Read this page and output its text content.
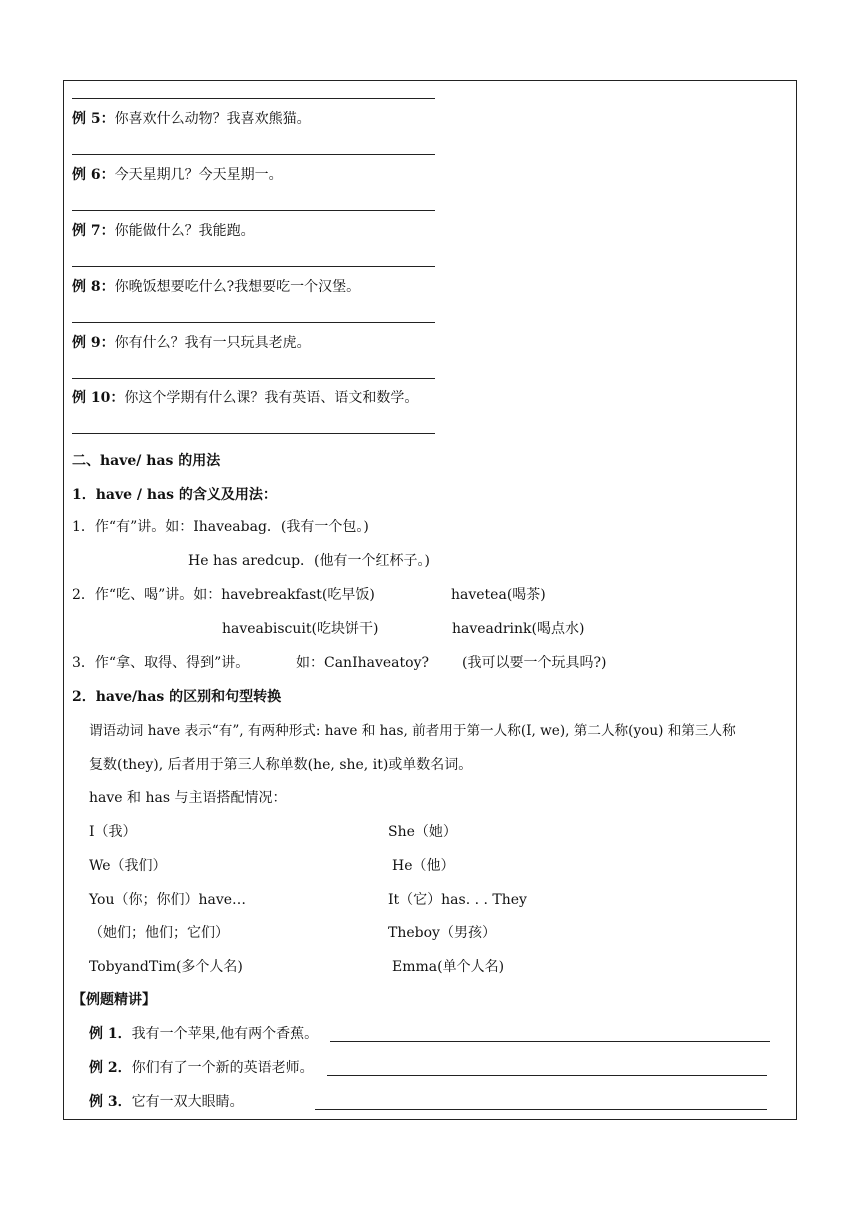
例 5：你喜欢什么动物？我喜欢熊猫。
例 6：今天星期几？今天星期一。
例 7：你能做什么？我能跑。
例 8：你晚饭想要吃什么?我想要吃一个汉堡。
例 9：你有什么？我有一只玩具老虎。
例 10：你这个学期有什么课？我有英语、语文和数学。
二、have/ has 的用法
1．have / has 的含义及用法：
1．作“有”讲。如：Ihaveabag．(我有一个包。)
He has aredcup．(他有一个红杯子。)
2．作“吃、喝”讲。如：havebreakfast(吃早饭)	havetea(喝茶)
haveabiscuit(吃块饼干)	haveadrink(喝点水)
3．作“拿、取得、得到”讲。	如：CanIhaveatoy? (我可以要一个玩具吗?)
2．have/has 的区别和句型转换
谓语动词 have 表示“有”, 有两种形式: have 和 has, 前者用于第一人称(I, we), 第二人称(you) 和第三人称
复数(they), 后者用于第三人称单数(he, she, it)或单数名词。
have 和 has 与主语搭配情况：
I（我）	She（她）
We（我们）	He（他）
You（你；你们）have…	It（它）has. . . They
（她们；他们；它们）	Theboy（男孩）
TobyandTim(多个人名)	Emma(单个人名)
【例题精讲】
例 1．我有一个苹果,他有两个香蕉。
例 2．你们有了一个新的英语老师。
例 3．它有一双大眼睛。
